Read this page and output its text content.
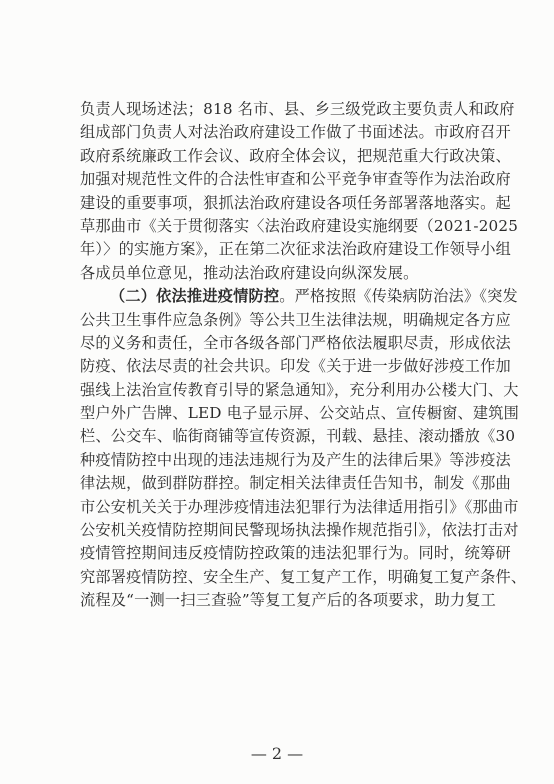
负责人现场述法；818 名市、县、乡三级党政主要负责人和政府
组成部门负责人对法治政府建设工作做了书面述法。市政府召开
政府系统廉政工作会议、政府全体会议，把规范重大行政决策、
加强对规范性文件的合法性审查和公平竞争审查等作为法治政府
建设的重要事项，狠抓法治政府建设各项任务部署落地落实。起
草那曲市《关于贯彻落实〈法治政府建设实施纲要（2021-2025
年）〉的实施方案》，正在第二次征求法治政府建设工作领导小组
各成员单位意见，推动法治政府建设向纵深发展。
（二）依法推进疫情防控。严格按照《传染病防治法》《突发
公共卫生事件应急条例》等公共卫生法律法规，明确规定各方应
尽的义务和责任，全市各级各部门严格依法履职尽责，形成依法
防疫、依法尽责的社会共识。印发《关于进一步做好涉疫工作加
强线上法治宣传教育引导的紧急通知》，充分利用办公楼大门、大
型户外广告牌、LED 电子显示屏、公交站点、宣传橱窗、建筑围
栏、公交车、临街商铺等宣传资源，刊载、悬挂、滚动播放《30
种疫情防控中出现的违法违规行为及产生的法律后果》等涉疫法
律法规，做到群防群控。制定相关法律责任告知书，制发《那曲
市公安机关关于办理涉疫情违法犯罪行为法律适用指引》《那曲市
公安机关疫情防控期间民警现场执法操作规范指引》，依法打击对
疫情管控期间违反疫情防控政策的违法犯罪行为。同时，统筹研
究部署疫情防控、安全生产、复工复产工作，明确复工复产条件、
流程及“一测一扫三查验”等复工复产后的各项要求，助力复工
— 2 —
